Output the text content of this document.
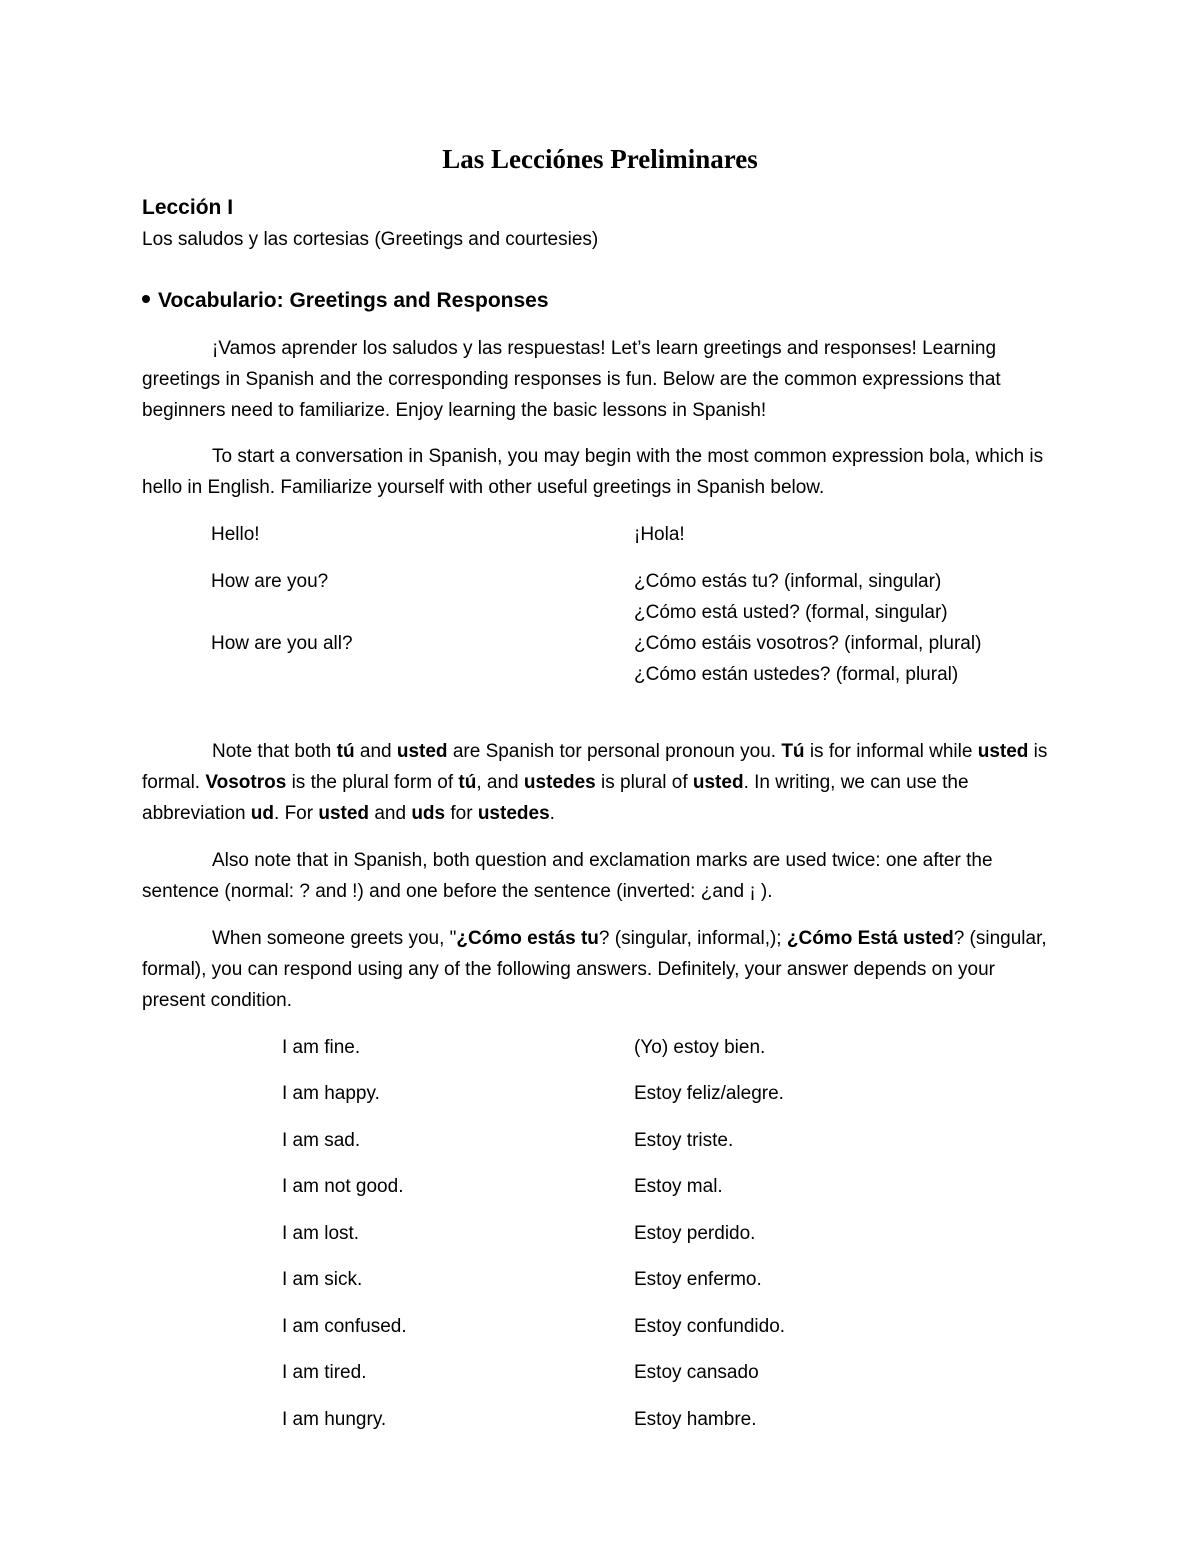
Las Lecciónes Preliminares
Lección I
Los saludos y las cortesias (Greetings and courtesies)
Vocabulario: Greetings and Responses
¡Vamos aprender los saludos y las respuestas! Let’s learn greetings and responses! Learning greetings in Spanish and the corresponding responses is fun. Below are the common expressions that beginners need to familiarize. Enjoy learning the basic lessons in Spanish!
To start a conversation in Spanish, you may begin with the most common expression bola, which is hello in English. Familiarize yourself with other useful greetings in Spanish below.
Hello!	¡Hola!
How are you?	¿Cómo estás tu? (informal, singular)
¿Cómo está usted? (formal, singular)
How are you all?	¿Cómo estáis vosotros? (informal, plural)
¿Cómo están ustedes? (formal, plural)
Note that both tú and usted are Spanish tor personal pronoun you. Tú is for informal while usted is formal. Vosotros is the plural form of tú, and ustedes is plural of usted. In writing, we can use the abbreviation ud. For usted and uds for ustedes.
Also note that in Spanish, both question and exclamation marks are used twice: one after the sentence (normal: ? and !) and one before the sentence (inverted: ¿and ¡ ).
When someone greets you, "¿Cómo estás tu? (singular, informal,); ¿Cómo Está usted? (singular, formal), you can respond using any of the following answers. Definitely, your answer depends on your present condition.
I am fine.	(Yo) estoy bien.
I am happy.	Estoy feliz/alegre.
I am sad.	Estoy triste.
I am not good.	Estoy mal.
I am lost.	Estoy perdido.
I am sick.	Estoy enfermo.
I am confused.	Estoy confundido.
I am tired.	Estoy cansado
I am hungry.	Estoy hambre.
